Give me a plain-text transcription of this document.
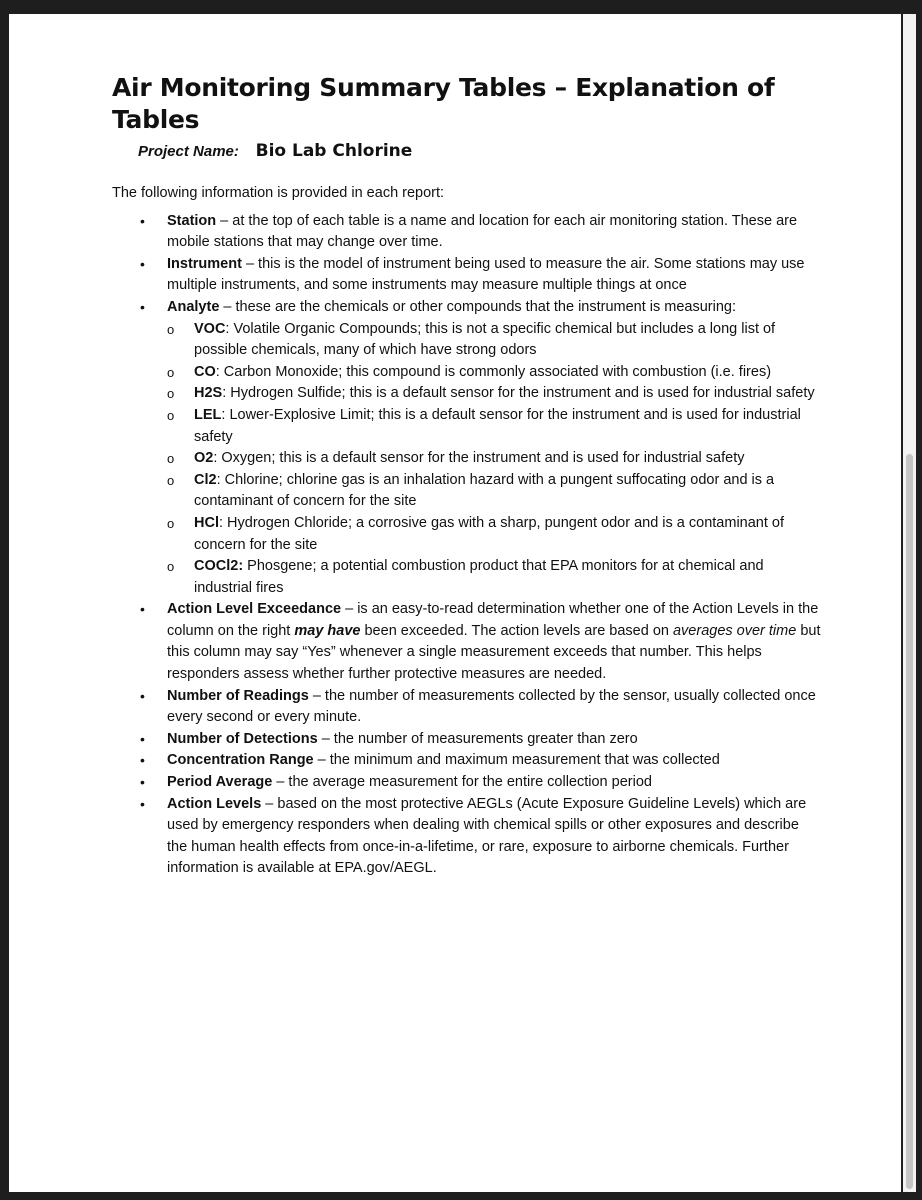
Air Monitoring Summary Tables – Explanation of Tables
Project Name: Bio Lab Chlorine

The following information is provided in each report:

• Station – at the top of each table is a name and location for each air monitoring station. These are mobile stations that may change over time.
• Instrument – this is the model of instrument being used to measure the air. Some stations may use multiple instruments, and some instruments may measure multiple things at once
• Analyte – these are the chemicals or other compounds that the instrument is measuring:
o VOC: Volatile Organic Compounds; this is not a specific chemical but includes a long list of possible chemicals, many of which have strong odors
o CO: Carbon Monoxide; this compound is commonly associated with combustion (i.e. fires)
o H2S: Hydrogen Sulfide; this is a default sensor for the instrument and is used for industrial safety
o LEL: Lower-Explosive Limit; this is a default sensor for the instrument and is used for industrial safety
o O2: Oxygen; this is a default sensor for the instrument and is used for industrial safety
o Cl2: Chlorine; chlorine gas is an inhalation hazard with a pungent suffocating odor and is a contaminant of concern for the site
o HCl: Hydrogen Chloride; a corrosive gas with a sharp, pungent odor and is a contaminant of concern for the site
o COCl2: Phosgene; a potential combustion product that EPA monitors for at chemical and industrial fires
• Action Level Exceedance – is an easy-to-read determination whether one of the Action Levels in the column on the right may have been exceeded. The action levels are based on averages over time but this column may say “Yes” whenever a single measurement exceeds that number. This helps responders assess whether further protective measures are needed.
• Number of Readings – the number of measurements collected by the sensor, usually collected once every second or every minute.
• Number of Detections – the number of measurements greater than zero
• Concentration Range – the minimum and maximum measurement that was collected
• Period Average – the average measurement for the entire collection period
• Action Levels – based on the most protective AEGLs (Acute Exposure Guideline Levels) which are used by emergency responders when dealing with chemical spills or other exposures and describe the human health effects from once-in-a-lifetime, or rare, exposure to airborne chemicals. Further information is available at EPA.gov/AEGL.
